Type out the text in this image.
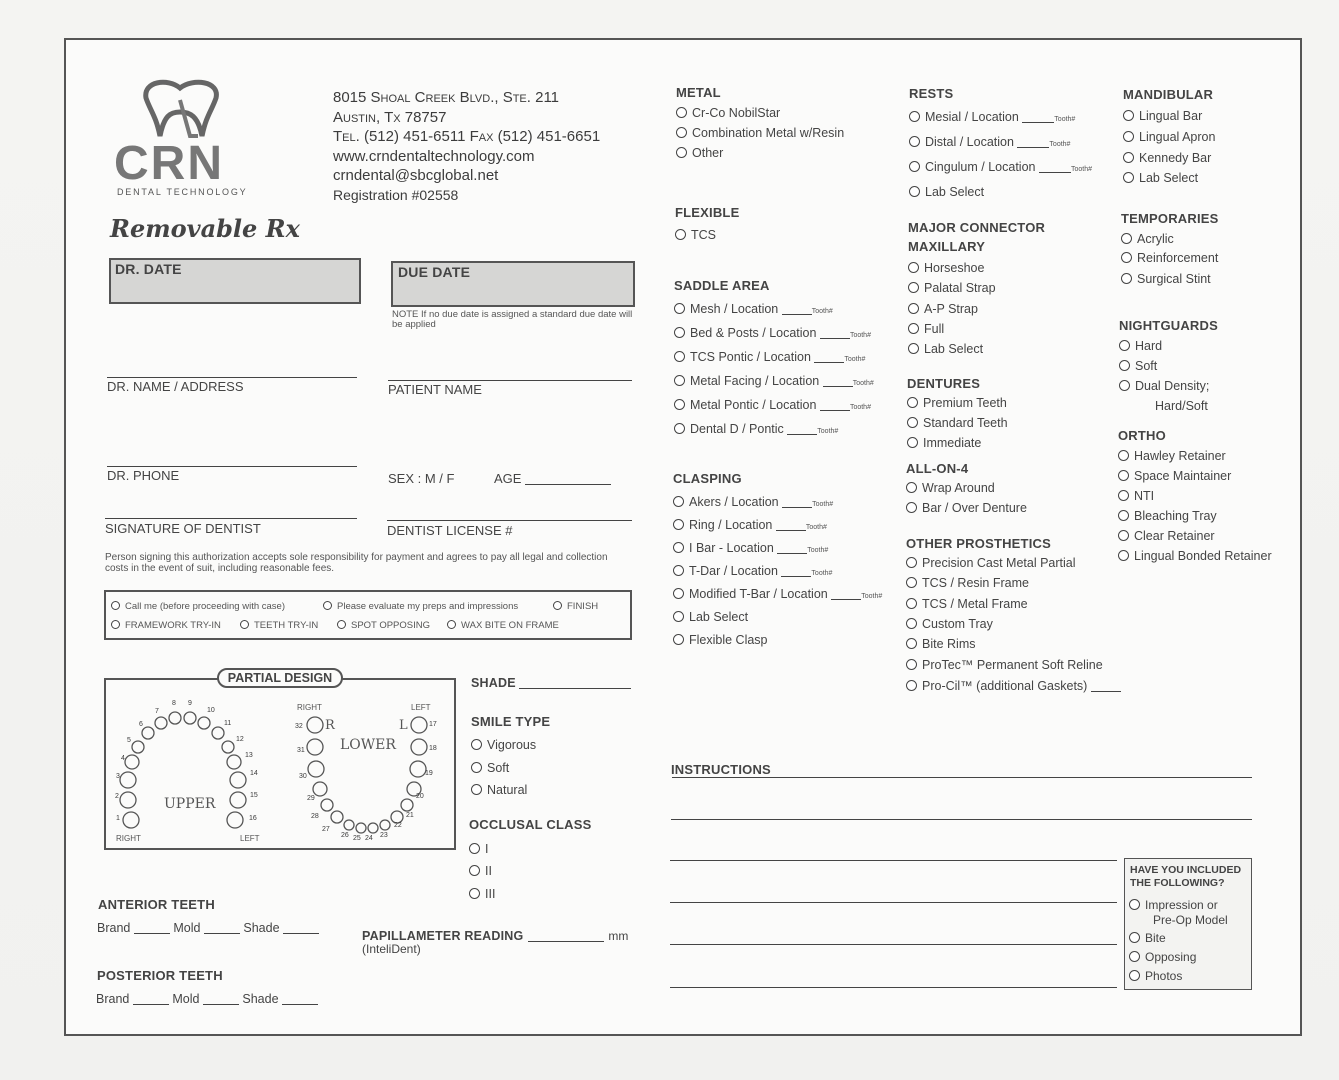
CRN
DENTAL TECHNOLOGY
8015 Shoal Creek Blvd., Ste. 211
Austin, Tx 78757
Tel. (512) 451-6511 Fax (512) 451-6651
www.crndentaltechnology.com
crndental@sbcglobal.net
Registration #02558
Removable Rx
DR. DATE	DUE DATE
NOTE If no due date is assigned a standard due date will be applied
DR. NAME / ADDRESS	PATIENT NAME
DR. PHONE	SEX : M / F	AGE
SIGNATURE OF DENTIST	DENTIST LICENSE #
Person signing this authorization accepts sole responsibility for payment and agrees to pay all legal and collection costs in the event of suit, including reasonable fees.
Call me (before proceeding with case)	Please evaluate my preps and impressions	FINISH
FRAMEWORK TRY-IN	TEETH TRY-IN	SPOT OPPOSING	WAX BITE ON FRAME
PARTIAL DESIGN
UPPER
LOWER
RIGHT	LEFT
RIGHT	LEFT
R	L
1
2
3
4
5
6
7
8 9
10
11
12
13
14
15
16
17
18
19
20
21
22
23
24
25
26
27
28
29
30
31
32
SHADE
SMILE TYPE
Vigorous
Soft
Natural
OCCLUSAL CLASS
I
II
III
ANTERIOR TEETH
Brand	Mold	Shade
POSTERIOR TEETH
Brand	Mold	Shade
PAPILLAMETER READING	mm
(InteliDent)
METAL
Cr-Co NobilStar
Combination Metal w/Resin
Other
FLEXIBLE
TCS
SADDLE AREA
Mesh / Location	Tooth#
Bed & Posts / Location	Tooth#
TCS Pontic / Location	Tooth#
Metal Facing / Location	Tooth#
Metal Pontic / Location	Tooth#
Dental D / Pontic	Tooth#
CLASPING
Akers / Location	Tooth#
Ring / Location	Tooth#
I Bar - Location	Tooth#
T-Dar / Location	Tooth#
Modified T-Bar / Location	Tooth#
Lab Select
Flexible Clasp
RESTS
Mesial / Location	Tooth#
Distal / Location	Tooth#
Cingulum / Location	Tooth#
Lab Select
MAJOR CONNECTOR
MAXILLARY
Horseshoe
Palatal Strap
A-P Strap
Full
Lab Select
DENTURES
Premium Teeth
Standard Teeth
Immediate
ALL-ON-4
Wrap Around
Bar / Over Denture
OTHER PROSTHETICS
Precision Cast Metal Partial
TCS / Resin Frame
TCS / Metal Frame
Custom Tray
Bite Rims
ProTec™ Permanent Soft Reline
Pro-Cil™ (additional Gaskets)
MANDIBULAR
Lingual Bar
Lingual Apron
Kennedy Bar
Lab Select
TEMPORARIES
Acrylic
Reinforcement
Surgical Stint
NIGHTGUARDS
Hard
Soft
Dual Density;
Hard/Soft
ORTHO
Hawley Retainer
Space Maintainer
NTI
Bleaching Tray
Clear Retainer
Lingual Bonded Retainer
INSTRUCTIONS
HAVE YOU INCLUDED THE FOLLOWING?
Impression or
Pre-Op Model
Bite
Opposing
Photos
